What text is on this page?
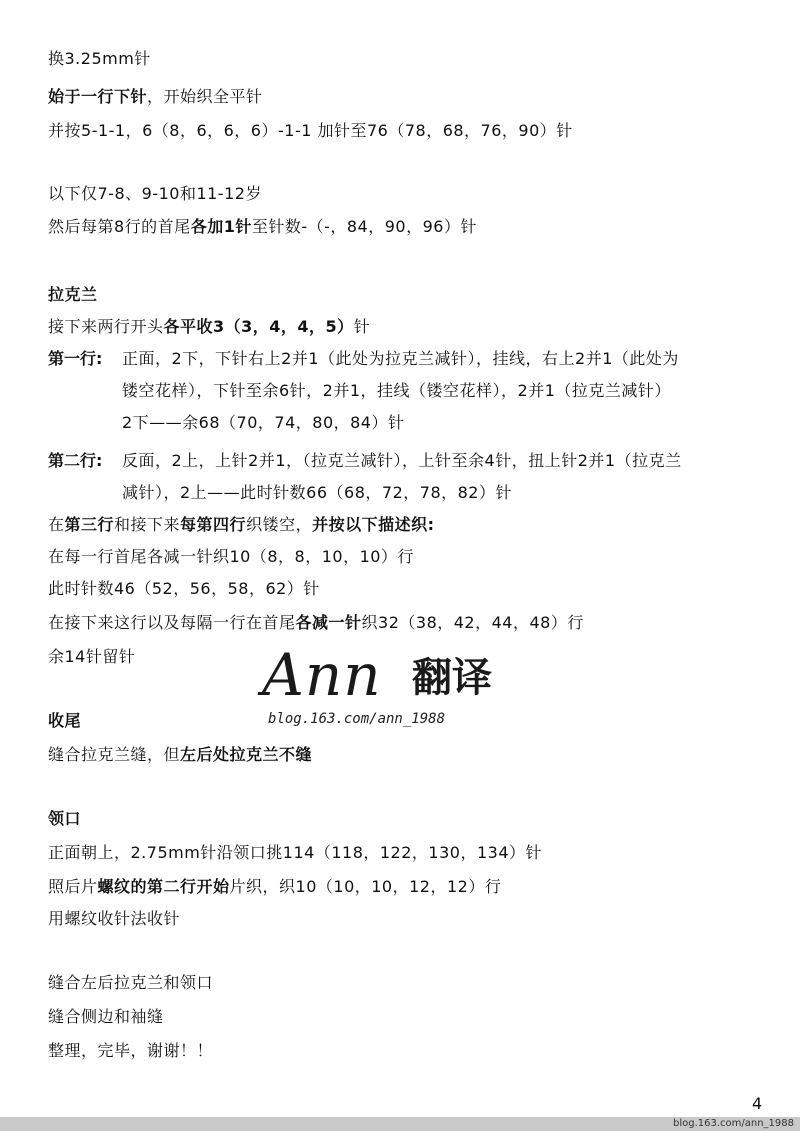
换3.25mm针
始于一行下针，开始织全平针
并按5-1-1，6（8，6，6，6）-1-1 加针至76（78，68，76，90）针
以下仅7-8、9-10和11-12岁
然后每第8行的首尾各加1针至针数-（-，84，90，96）针
拉克兰
接下来两行开头各平收3（3，4，4，5）针
第一行: 正面，2下，下针右上2并1（此处为拉克兰减针），挂线，右上2并1（此处为
镂空花样），下针至余6针，2并1，挂线（镂空花样），2并1（拉克兰减针）
2下——余68（70，74，80，84）针
第二行: 反面，2上，上针2并1，（拉克兰减针），上针至余4针，扭上针2并1（拉克兰
减针），2上——此时针数66（68，72，78，82）针
在第三行和接下来每第四行织镂空，并按以下描述织:
在每一行首尾各减一针织10（8，8，10，10）行
此时针数46（52，56，58，62）针
在接下来这行以及每隔一行在首尾各减一针织32（38，42，44，48）行
余14针留针 Ann 翻译
blog.163.com/ann_1988
收尾
缝合拉克兰缝，但左后处拉克兰不缝
领口
正面朝上，2.75mm针沿领口挑114（118，122，130，134）针
照后片螺纹的第二行开始片织，织10（10，10，12，12）行
用螺纹收针法收针
缝合左后拉克兰和领口
缝合侧边和袖缝
整理，完毕，谢谢！！
4
blog.163.com/ann_1988
